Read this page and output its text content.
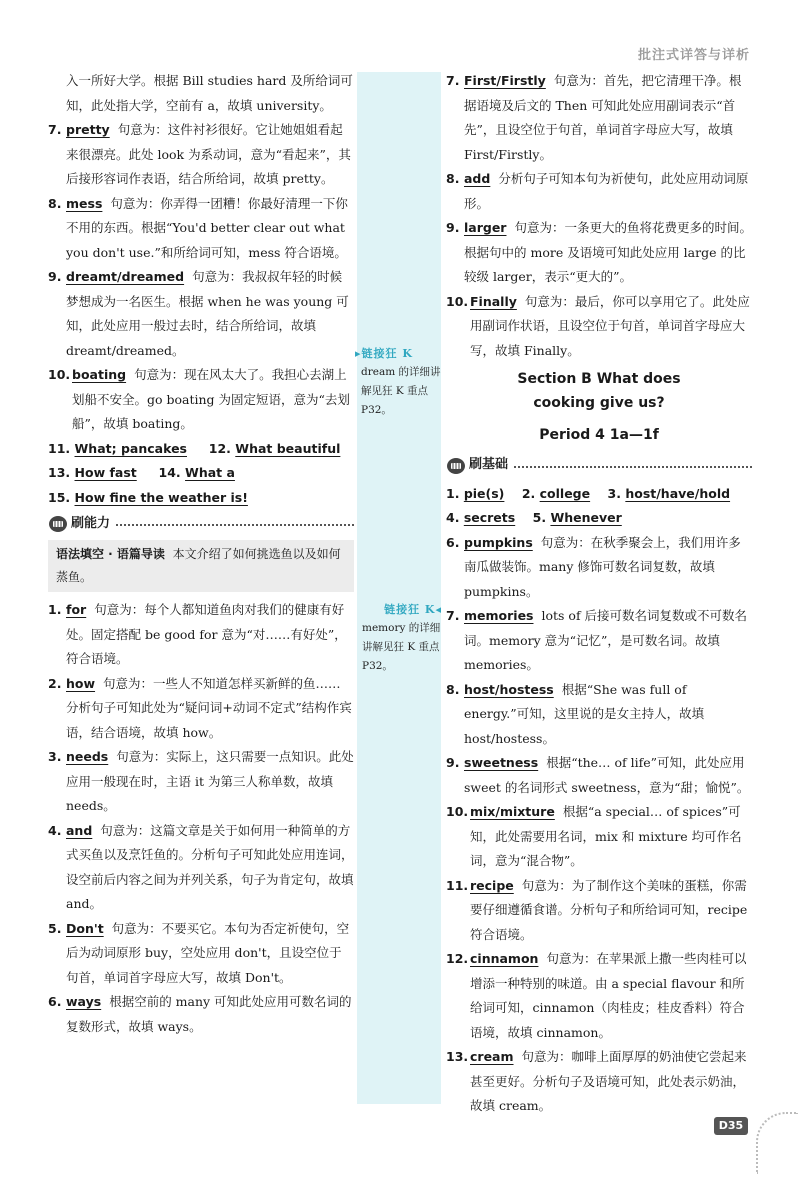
批注式详答与详析
入一所好大学。根据 Bill studies hard 及所给词可知，此处指大学，空前有 a，故填 university。
7. pretty 句意为：这件衬衫很好。它让她姐姐看起来很漂亮。此处 look 为系动词，意为“看起来”，其后接形容词作表语，结合所给词，故填 pretty。
8. mess 句意为：你弄得一团糟！你最好清理一下你不用的东西。根据“You'd better clear out what you don't use.”和所给词可知，mess 符合语境。
9. dreamt/dreamed 句意为：我叔叔年轻的时候梦想成为一名医生。根据 when he was young 可知，此处应用一般过去时，结合所给词，故填 dreamt/dreamed。
10. boating 句意为：现在风太大了。我担心去湖上划船不安全。go boating 为固定短语，意为“去划船”，故填 boating。
11. What; pancakes 12. What beautiful
13. How fast 14. What a
15. How fine the weather is!
刷能力
语法填空 · 语篇导读 本文介绍了如何挑选鱼以及如何蒸鱼。
1. for 句意为：每个人都知道鱼肉对我们的健康有好处。固定搭配 be good for 意为“对……有好处”，符合语境。
2. how 句意为：一些人不知道怎样买新鲜的鱼…… 分析句子可知此处为“疑问词+动词不定式”结构作宾语，结合语境，故填 how。
3. needs 句意为：实际上，这只需要一点知识。此处应用一般现在时，主语 it 为第三人称单数，故填 needs。
4. and 句意为：这篇文章是关于如何用一种简单的方式买鱼以及烹饪鱼的。分析句子可知此处应用连词，设空前后内容之间为并列关系，句子为肯定句，故填 and。
5. Don't 句意为：不要买它。本句为否定祈使句，空后为动词原形 buy，空处应用 don't，且设空位于句首，单词首字母应大写，故填 Don't。
6. ways 根据空前的 many 可知此处应用可数名词的复数形式，故填 ways。
▸链接狂 K
dream 的详细讲解见狂 K 重点 P32。
链接狂 K◂
memory 的详细讲解见狂 K 重点 P32。
7. First/Firstly 句意为：首先，把它清理干净。根据语境及后文的 Then 可知此处应用副词表示“首先”，且设空位于句首，单词首字母应大写，故填 First/Firstly。
8. add 分析句子可知本句为祈使句，此处应用动词原形。
9. larger 句意为：一条更大的鱼将花费更多的时间。根据句中的 more 及语境可知此处应用 large 的比较级 larger，表示“更大的”。
10. Finally 句意为：最后，你可以享用它了。此处应用副词作状语，且设空位于句首，单词首字母应大写，故填 Finally。
Section B What does cooking give us?
Period 4 1a—1f
刷基础
1. pie(s) 2. college 3. host/have/hold
4. secrets 5. Whenever
6. pumpkins 句意为：在秋季聚会上，我们用许多南瓜做装饰。many 修饰可数名词复数，故填 pumpkins。
7. memories lots of 后接可数名词复数或不可数名词。memory 意为“记忆”，是可数名词。故填 memories。
8. host/hostess 根据“She was full of energy.”可知，这里说的是女主持人，故填 host/hostess。
9. sweetness 根据“the… of life”可知，此处应用 sweet 的名词形式 sweetness，意为“甜；愉悦”。
10. mix/mixture 根据“a special… of spices”可知，此处需要用名词，mix 和 mixture 均可作名词，意为“混合物”。
11. recipe 句意为：为了制作这个美味的蛋糕，你需要仔细遵循食谱。分析句子和所给词可知，recipe 符合语境。
12. cinnamon 句意为：在苹果派上撒一些肉桂可以增添一种特别的味道。由 a special flavour 和所给词可知，cinnamon（肉桂皮；桂皮香料）符合语境，故填 cinnamon。
13. cream 句意为：咖啡上面厚厚的奶油使它尝起来甚至更好。分析句子及语境可知，此处表示奶油，故填 cream。
D35
